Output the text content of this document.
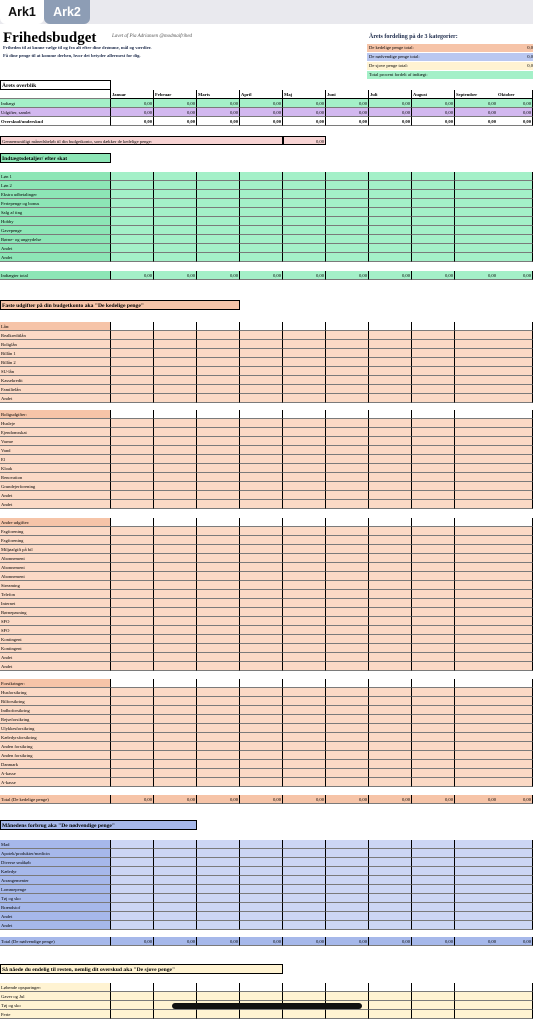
Ark1	Ark2
Frihedsbudget	Lavet af Pia Adriansen @modmaifrihed
Friheden til at kunne vælge til og fra alt efter dine drømme, mål og værdier.
Få dine penge til at komme derhen, hvor det betyder allermest for dig.
Årets fordeling på de 3 kategorier:
De kedelige penge total:	0,0
De nødvendige penge total:	0,0
De sjove penge total:	0,0
Total procent fordelt af indtægt:
Årets overblik
Januar	Februar	Marts	April	Maj	Juni	Juli	August	September	Oktober
Indtægt	0,00	0,00	0,00	0,00	0,00	0,00	0,00	0,00	0,00	0,00
Udgifter, samlet	0,00	0,00	0,00	0,00	0,00	0,00	0,00	0,00	0,00	0,00
Overskud/underskud	0,00	0,00	0,00	0,00	0,00	0,00	0,00	0,00	0,00	0,00
Gennemsnitligt månedsbeløb til din budgetkonto, som dækker de kedelige penge:	0,00
Indtægtsdetaljer/ efter skat
Løn 1
Løn 2
Ekstra udbetalinger
Feriepenge og bonus
Salg af ting
Hobby
Gavepenge
Børne- og ungeydelse
Andet
Andet
Indtægter total	0,00	0,00	0,00	0,00	0,00	0,00	0,00	0,00	0,00	0,00
Faste udgifter på din budgetkonto aka "De kedelige penge"
Lån:
Realkreditlån
Boliglån
Billån 1
Billån 2
SU-lån
Kassekredit
Familielån
Andet
Boligudgifter:
Husleje
Ejendomsskat
Varme
Vand
El
Kloak
Renovation
Grundejerforening
Andet
Andet
Andre udgifter:
Fagforening
Fagforening
Miljøafgift på bil
Abonnement
Abonnement
Abonnement
Streaming
Telefon
Internet
Børnepasning
SFO
SFO
Kontingent
Kontingent
Andet
Andet
Forsikringer:
Husforsikring
Bilforsikring
Indboforsikring
Rejseforsikring
Ulykkesforsikring
Kæledyrsforsikring
Anden forsikring
Anden forsikring
Danmark
A-kasse
A-kasse
Total (De kedelige penge)	0,00	0,00	0,00	0,00	0,00	0,00	0,00	0,00	0,00	0,00
Månedens forbrug aka "De nødvendige penge"
Mad
Apotek/produkter/medicin
Diverse småkøb
Kæledyr
Arrangementer
Lommepenge
Tøj og sko
Brændstof
Andet
Andet
Total (De nødvendige penge)	0,00	0,00	0,00	0,00	0,00	0,00	0,00	0,00	0,00	0,00
Så nåede du endelig til resten, nemlig dit overskud aka "De sjove penge"
Løbende opsparinger:
Gaver og Jul
Tøj og sko
Ferie
